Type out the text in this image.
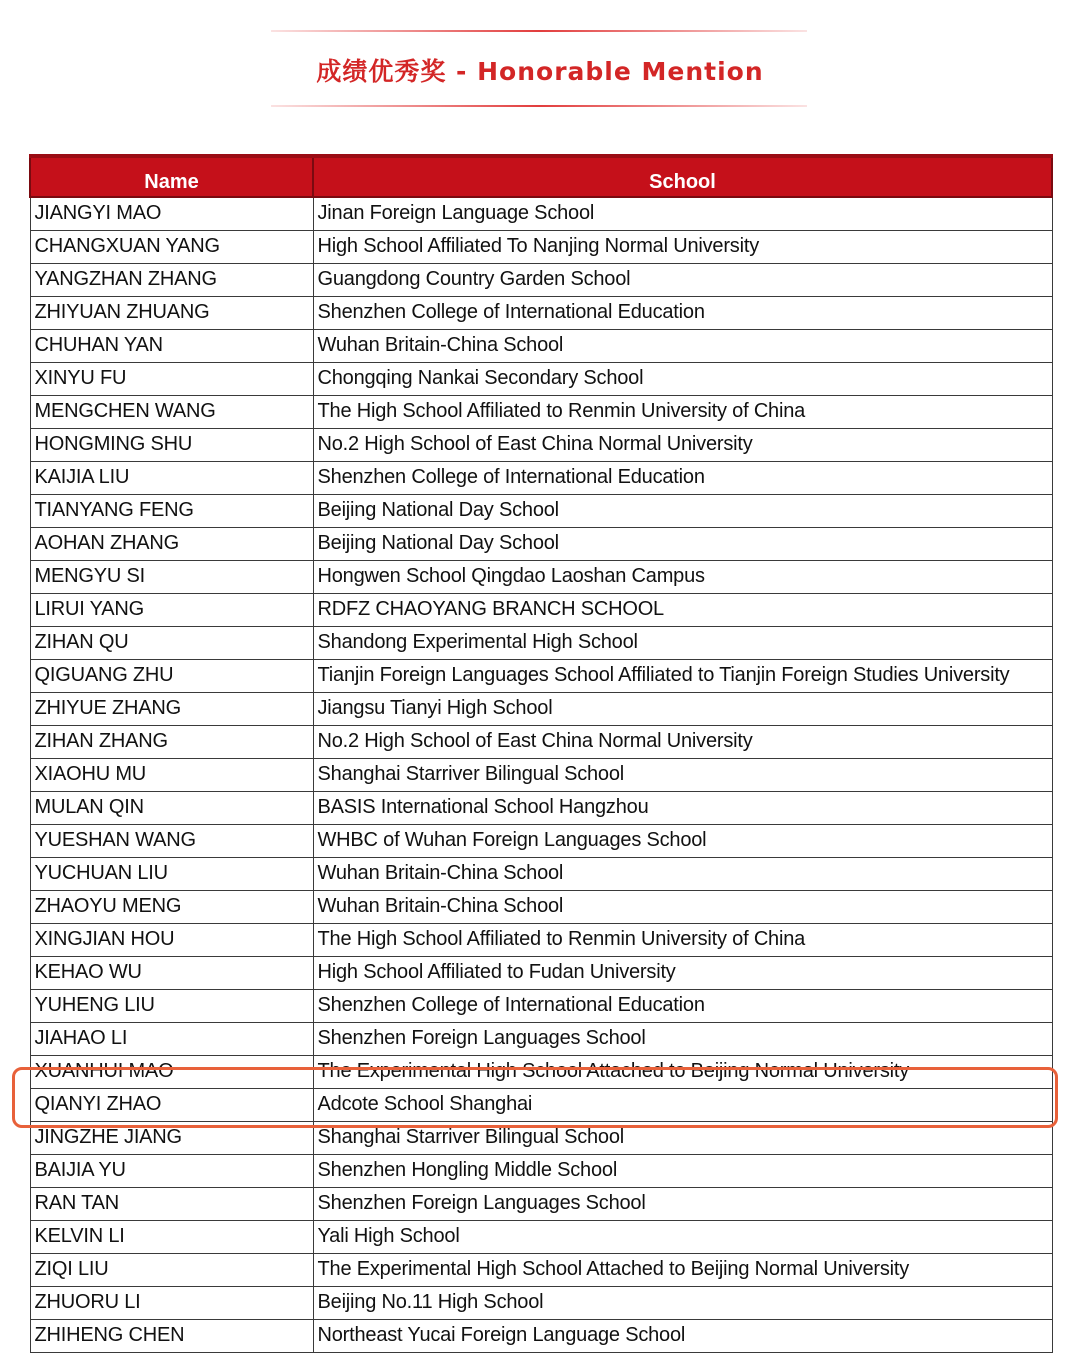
成绩优秀奖 - Honorable Mention
Name	School
JIANGYI MAO	Jinan Foreign Language School
CHANGXUAN YANG	High School Affiliated To Nanjing Normal University
YANGZHAN ZHANG	Guangdong Country Garden School
ZHIYUAN ZHUANG	Shenzhen College of International Education
CHUHAN YAN	Wuhan Britain-China School
XINYU FU	Chongqing Nankai Secondary School
MENGCHEN WANG	The High School Affiliated to Renmin University of China
HONGMING SHU	No.2 High School of East China Normal University
KAIJIA LIU	Shenzhen College of International Education
TIANYANG FENG	Beijing National Day School
AOHAN ZHANG	Beijing National Day School
MENGYU SI	Hongwen School Qingdao Laoshan Campus
LIRUI YANG	RDFZ CHAOYANG BRANCH SCHOOL
ZIHAN QU	Shandong Experimental High School
QIGUANG ZHU	Tianjin Foreign Languages School Affiliated to Tianjin Foreign Studies University
ZHIYUE ZHANG	Jiangsu Tianyi High School
ZIHAN ZHANG	No.2 High School of East China Normal University
XIAOHU MU	Shanghai Starriver Bilingual School
MULAN QIN	BASIS International School Hangzhou
YUESHAN WANG	WHBC of Wuhan Foreign Languages School
YUCHUAN LIU	Wuhan Britain-China School
ZHAOYU MENG	Wuhan Britain-China School
XINGJIAN HOU	The High School Affiliated to Renmin University of China
KEHAO WU	High School Affiliated to Fudan University
YUHENG LIU	Shenzhen College of International Education
JIAHAO LI	Shenzhen Foreign Languages School
XUANHUI MAO	The Experimental High School Attached to Beijing Normal University
QIANYI ZHAO	Adcote School Shanghai
JINGZHE JIANG	Shanghai Starriver Bilingual School
BAIJIA YU	Shenzhen Hongling Middle School
RAN TAN	Shenzhen Foreign Languages School
KELVIN LI	Yali High School
ZIQI LIU	The Experimental High School Attached to Beijing Normal University
ZHUORU LI	Beijing No.11 High School
ZHIHENG CHEN	Northeast Yucai Foreign Language School
